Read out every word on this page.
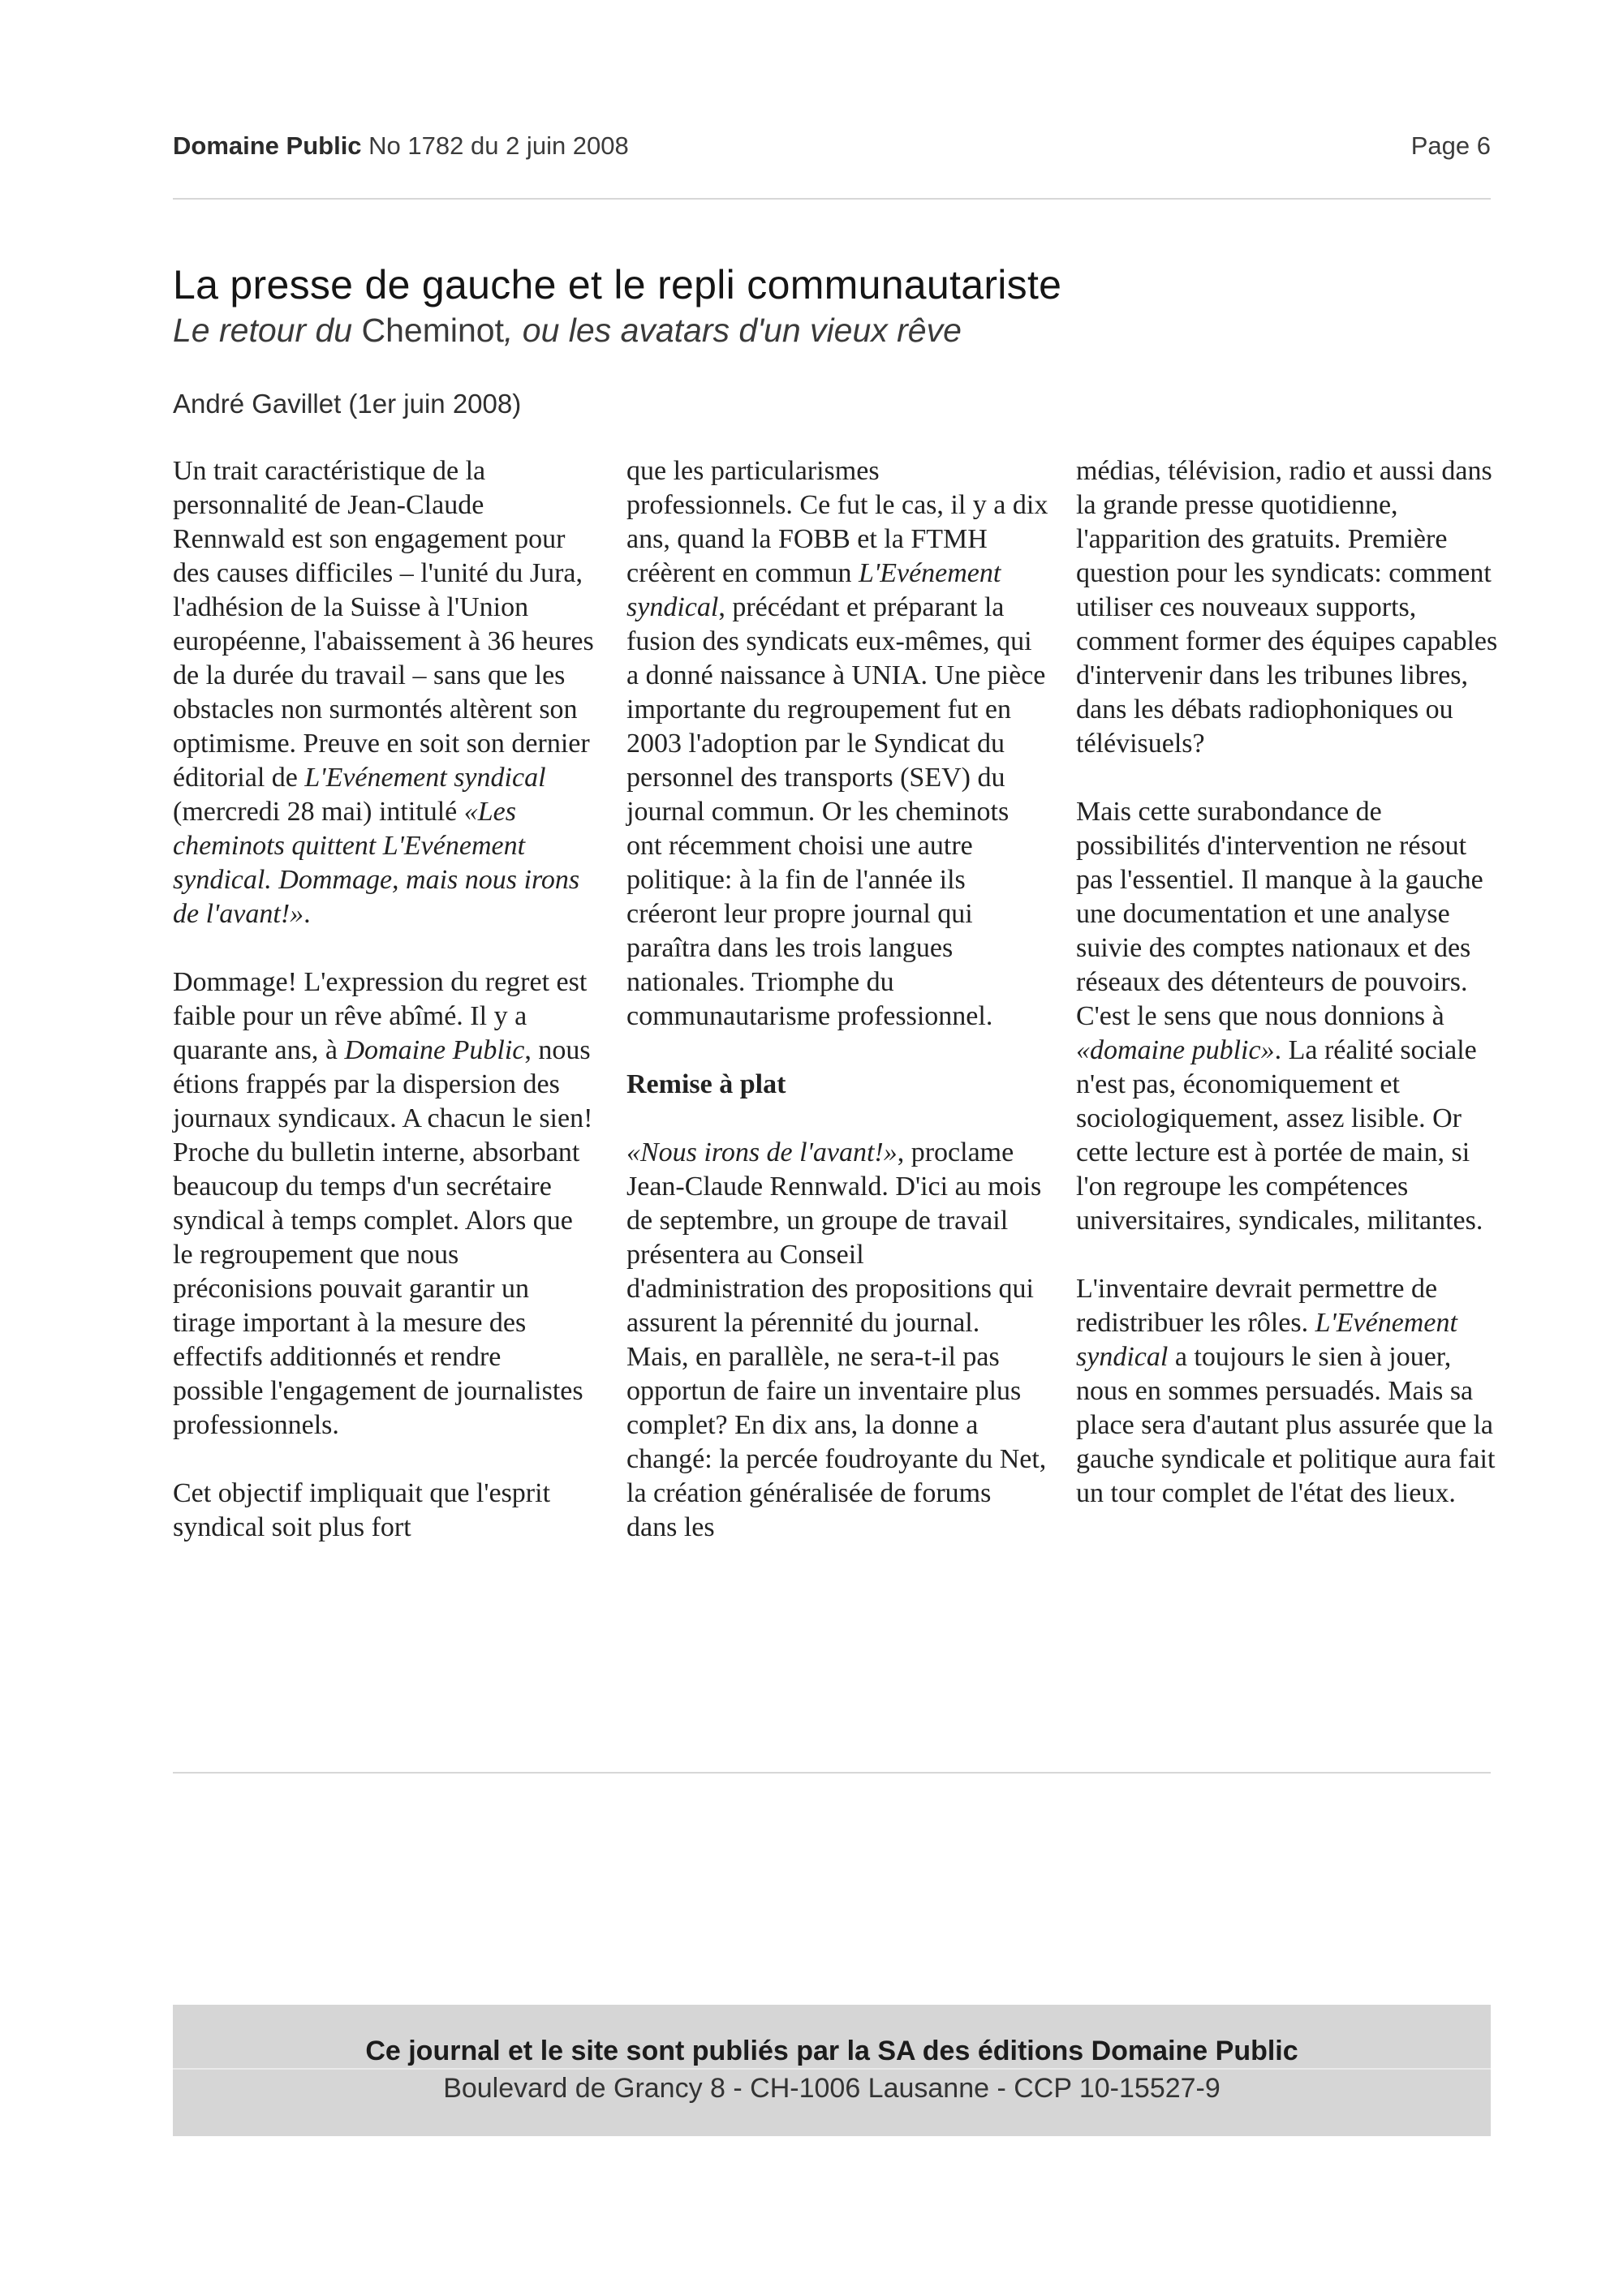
Domaine Public No 1782 du 2 juin 2008	Page 6
La presse de gauche et le repli communautariste
Le retour du Cheminot, ou les avatars d'un vieux rêve
André Gavillet (1er juin 2008)

Un trait caractéristique de la personnalité de Jean-Claude Rennwald est son engagement pour des causes difficiles – l'unité du Jura, l'adhésion de la Suisse à l'Union européenne, l'abaissement à 36 heures de la durée du travail – sans que les obstacles non surmontés altèrent son optimisme. Preuve en soit son dernier éditorial de L'Evénement syndical (mercredi 28 mai) intitulé «Les cheminots quittent L'Evénement syndical. Dommage, mais nous irons de l'avant!».

Dommage! L'expression du regret est faible pour un rêve abîmé. Il y a quarante ans, à Domaine Public, nous étions frappés par la dispersion des journaux syndicaux. A chacun le sien! Proche du bulletin interne, absorbant beaucoup du temps d'un secrétaire syndical à temps complet. Alors que le regroupement que nous préconisions pouvait garantir un tirage important à la mesure des effectifs additionnés et rendre possible l'engagement de journalistes professionnels.

Cet objectif impliquait que l'esprit syndical soit plus fort

que les particularismes professionnels. Ce fut le cas, il y a dix ans, quand la FOBB et la FTMH créèrent en commun L'Evénement syndical, précédant et préparant la fusion des syndicats eux-mêmes, qui a donné naissance à UNIA. Une pièce importante du regroupement fut en 2003 l'adoption par le Syndicat du personnel des transports (SEV) du journal commun. Or les cheminots ont récemment choisi une autre politique: à la fin de l'année ils créeront leur propre journal qui paraîtra dans les trois langues nationales. Triomphe du communautarisme professionnel.

Remise à plat

«Nous irons de l'avant!», proclame Jean-Claude Rennwald. D'ici au mois de septembre, un groupe de travail présentera au Conseil d'administration des propositions qui assurent la pérennité du journal. Mais, en parallèle, ne sera-t-il pas opportun de faire un inventaire plus complet? En dix ans, la donne a changé: la percée foudroyante du Net, la création généralisée de forums dans les

médias, télévision, radio et aussi dans la grande presse quotidienne, l'apparition des gratuits. Première question pour les syndicats: comment utiliser ces nouveaux supports, comment former des équipes capables d'intervenir dans les tribunes libres, dans les débats radiophoniques ou télévisuels?

Mais cette surabondance de possibilités d'intervention ne résout pas l'essentiel. Il manque à la gauche une documentation et une analyse suivie des comptes nationaux et des réseaux des détenteurs de pouvoirs. C'est le sens que nous donnions à «domaine public». La réalité sociale n'est pas, économiquement et sociologiquement, assez lisible. Or cette lecture est à portée de main, si l'on regroupe les compétences universitaires, syndicales, militantes.

L'inventaire devrait permettre de redistribuer les rôles. L'Evénement syndical a toujours le sien à jouer, nous en sommes persuadés. Mais sa place sera d'autant plus assurée que la gauche syndicale et politique aura fait un tour complet de l'état des lieux.

Ce journal et le site sont publiés par la SA des éditions Domaine Public
Boulevard de Grancy 8 - CH-1006 Lausanne - CCP 10-15527-9
